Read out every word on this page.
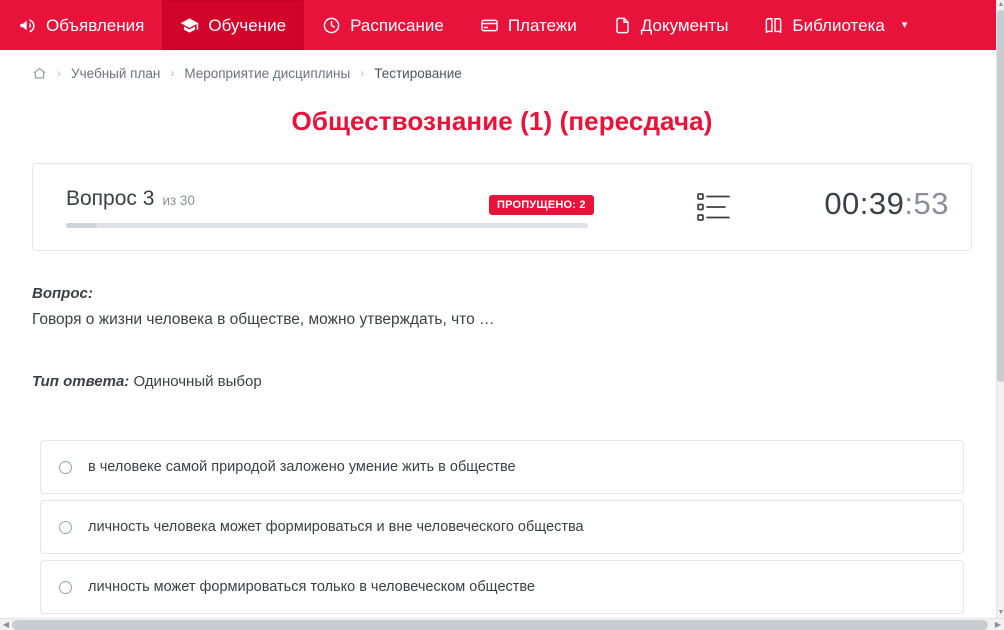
Объявления	Обучение	Расписание	Платежи	Документы	Библиотека ▾
› Учебный план › Мероприятие дисциплины › Тестирование
Обществознание (1) (пересдача)
Вопрос 3 из 30	ПРОПУЩЕНО: 2	00:39:53
Вопрос:
Говоря о жизни человека в обществе, можно утверждать, что …
Тип ответа: Одиночный выбор
в человеке самой природой заложено умение жить в обществе
личность человека может формироваться и вне человеческого общества
личность может формироваться только в человеческом обществе
▲
▼
◀	▶
